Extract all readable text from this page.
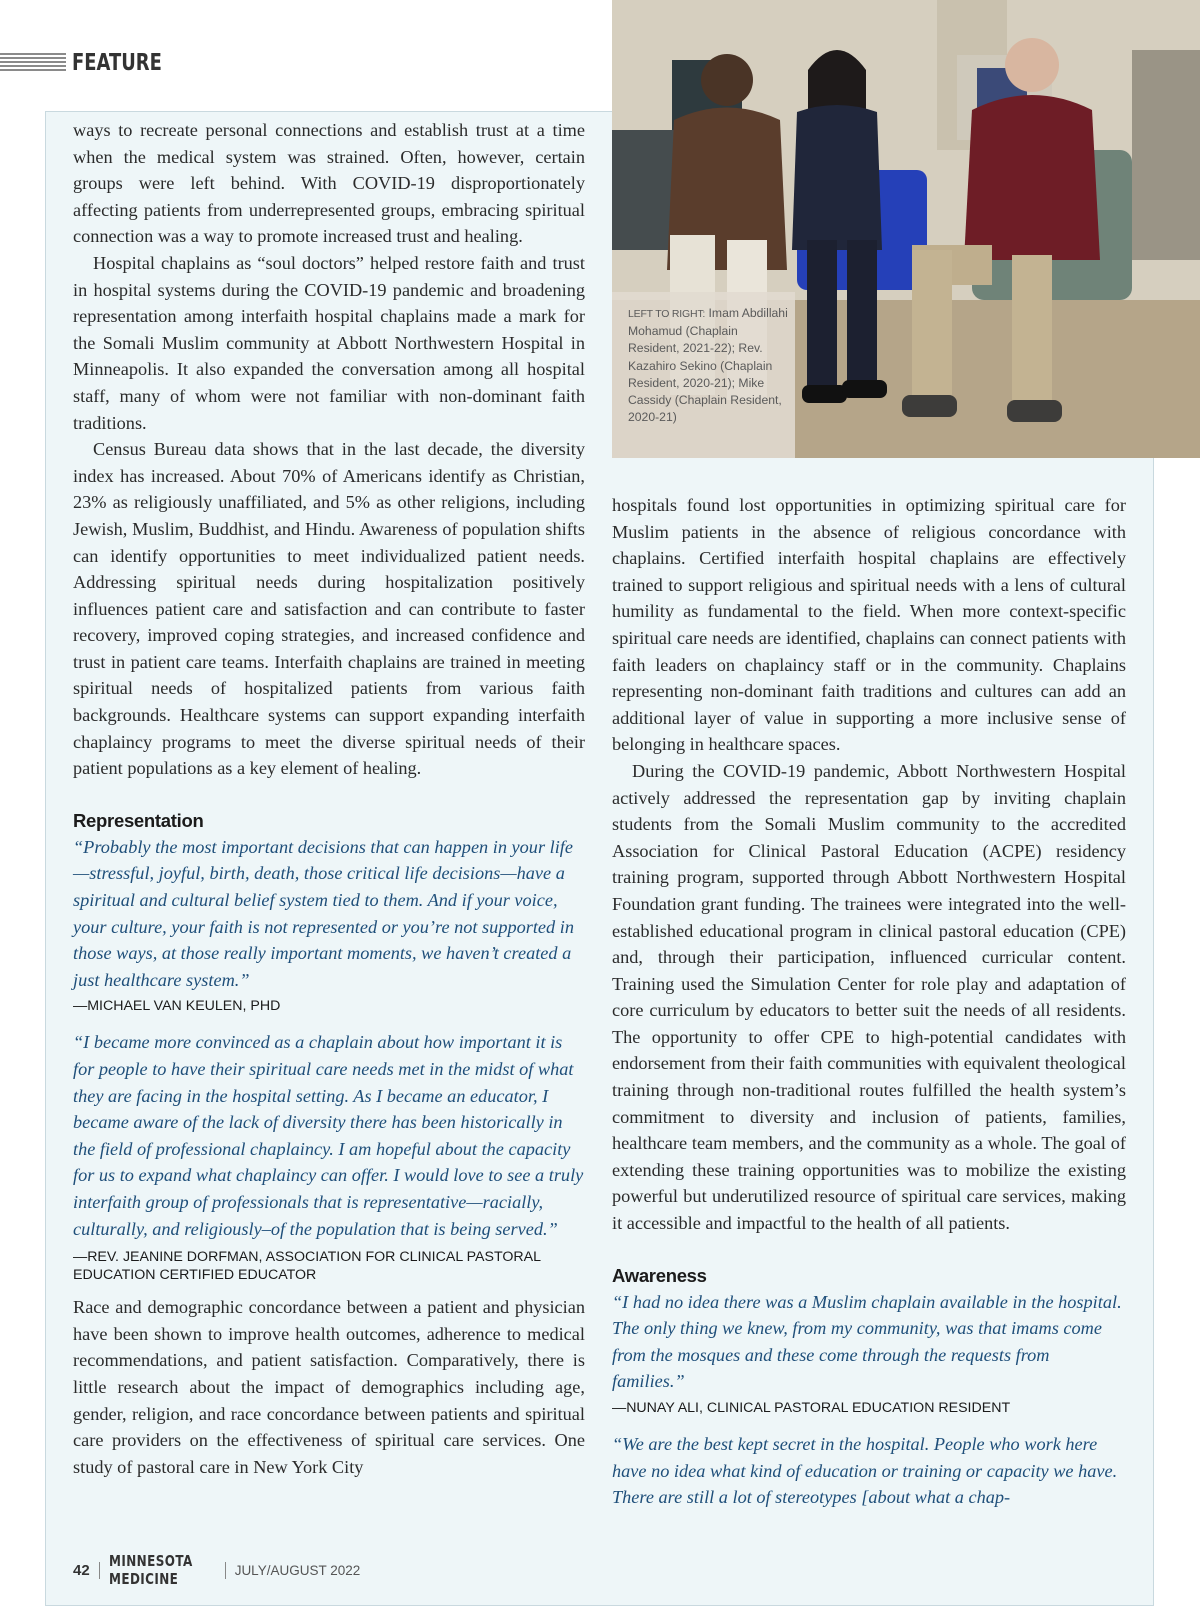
FEATURE
LEFT TO RIGHT: Imam Abdillahi Mohamud (Chaplain Resident, 2021-22); Rev. Kazahiro Sekino (Chaplain Resident, 2020-21); Mike Cassidy (Chaplain Resident, 2020-21)

ways to recreate personal connections and establish trust at a time when the medical system was strained. Often, however, certain groups were left behind. With COVID-19 disproportionately affecting patients from underrepresented groups, embracing spiritual connection was a way to promote increased trust and healing.

Hospital chaplains as “soul doctors” helped restore faith and trust in hospital systems during the COVID-19 pandemic and broadening representation among interfaith hospital chaplains made a mark for the Somali Muslim community at Abbott Northwestern Hospital in Minneapolis. It also expanded the conversation among all hospital staff, many of whom were not familiar with non-dominant faith traditions.

Census Bureau data shows that in the last decade, the diversity index has increased. About 70% of Americans identify as Christian, 23% as religiously unaffiliated, and 5% as other religions, including Jewish, Muslim, Buddhist, and Hindu. Awareness of population shifts can identify opportunities to meet individualized patient needs. Addressing spiritual needs during hospitalization positively influences patient care and satisfaction and can contribute to faster recovery, improved coping strategies, and increased confidence and trust in patient care teams. Interfaith chaplains are trained in meeting spiritual needs of hospitalized patients from various faith backgrounds. Healthcare systems can support expanding interfaith chaplaincy programs to meet the diverse spiritual needs of their patient populations as a key element of healing.

Representation

“Probably the most important decisions that can happen in your life—stressful, joyful, birth, death, those critical life decisions—have a spiritual and cultural belief system tied to them. And if your voice, your culture, your faith is not represented or you’re not supported in those ways, at those really important moments, we haven’t created a just healthcare system.”

—MICHAEL VAN KEULEN, PHD

“I became more convinced as a chaplain about how important it is for people to have their spiritual care needs met in the midst of what they are facing in the hospital setting. As I became an educator, I became aware of the lack of diversity there has been historically in the field of professional chaplaincy. I am hopeful about the capacity for us to expand what chaplaincy can offer. I would love to see a truly interfaith group of professionals that is representative—racially, culturally, and religiously–of the population that is being served.”

—REV. JEANINE DORFMAN, ASSOCIATION FOR CLINICAL PASTORAL EDUCATION CERTIFIED EDUCATOR

Race and demographic concordance between a patient and physician have been shown to improve health outcomes, adherence to medical recommendations, and patient satisfaction. Comparatively, there is little research about the impact of demographics including age, gender, religion, and race concordance between patients and spiritual care providers on the effectiveness of spiritual care services. One study of pastoral care in New York City

hospitals found lost opportunities in optimizing spiritual care for Muslim patients in the absence of religious concordance with chaplains. Certified interfaith hospital chaplains are effectively trained to support religious and spiritual needs with a lens of cultural humility as fundamental to the field. When more context-specific spiritual care needs are identified, chaplains can connect patients with faith leaders on chaplaincy staff or in the community. Chaplains representing non-dominant faith traditions and cultures can add an additional layer of value in supporting a more inclusive sense of belonging in healthcare spaces.

During the COVID-19 pandemic, Abbott Northwestern Hospital actively addressed the representation gap by inviting chaplain students from the Somali Muslim community to the accredited Association for Clinical Pastoral Education (ACPE) residency training program, supported through Abbott Northwestern Hospital Foundation grant funding. The trainees were integrated into the well-established educational program in clinical pastoral education (CPE) and, through their participation, influenced curricular content. Training used the Simulation Center for role play and adaptation of core curriculum by educators to better suit the needs of all residents. The opportunity to offer CPE to high-potential candidates with endorsement from their faith communities with equivalent theological training through non-traditional routes fulfilled the health system’s commitment to diversity and inclusion of patients, families, healthcare team members, and the community as a whole. The goal of extending these training opportunities was to mobilize the existing powerful but underutilized resource of spiritual care services, making it accessible and impactful to the health of all patients.

Awareness

“I had no idea there was a Muslim chaplain available in the hospital. The only thing we knew, from my community, was that imams come from the mosques and these come through the requests from families.”

—NUNAY ALI, CLINICAL PASTORAL EDUCATION RESIDENT

“We are the best kept secret in the hospital. People who work here have no idea what kind of education or training or capacity we have. There are still a lot of stereotypes [about what a chap-

42 MINNESOTA MEDICINE	JULY/AUGUST 2022
